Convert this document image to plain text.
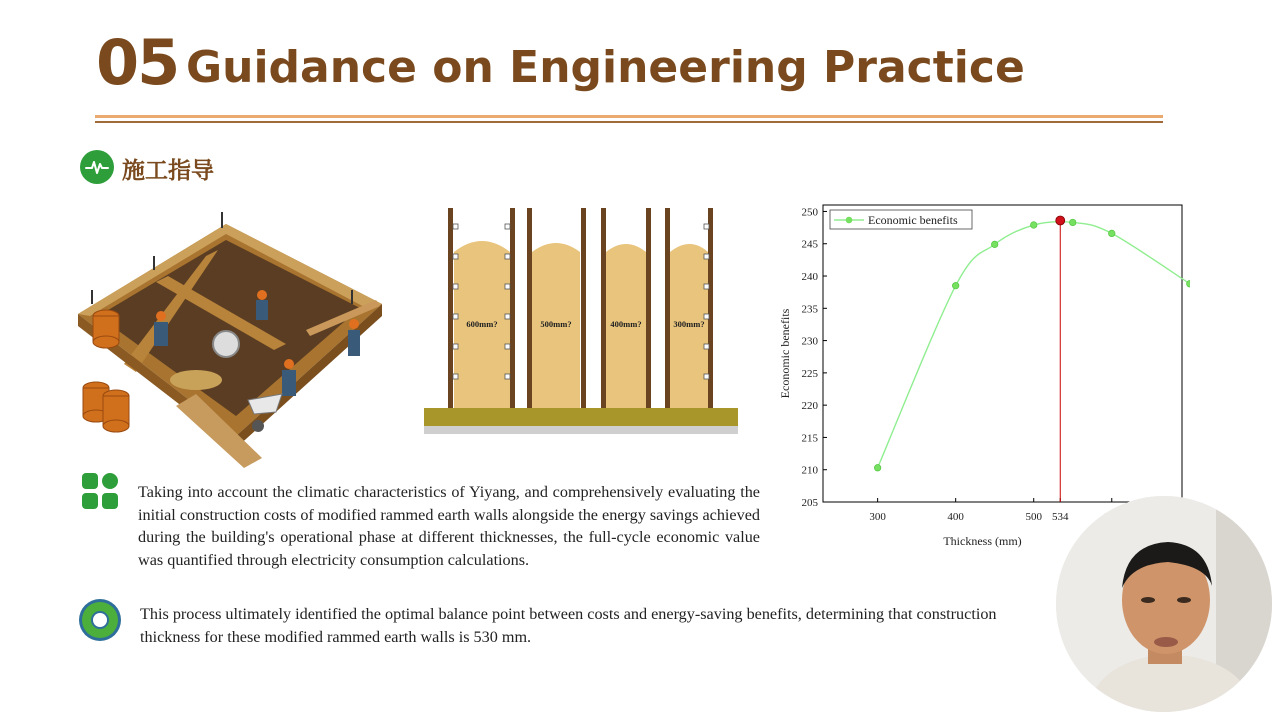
05 Guidance on Engineering Practice
施工指导
600mm?	500mm?	400mm?	300mm?

Taking into account the climatic characteristics of Yiyang, and comprehensively evaluating the initial construction costs of modified rammed earth walls alongside the energy savings achieved during the building's operational phase at different thicknesses, the full-cycle economic value was quantified through electricity consumption calculations.

This process ultimately identified the optimal balance point between costs and energy-saving benefits, determining that construction thickness for these modified rammed earth walls is 530 mm.

205
210
215
220
225
230
235
240
245
250
300	400	500 534
Thickness (mm)
Economic benefits
Economic benefits
